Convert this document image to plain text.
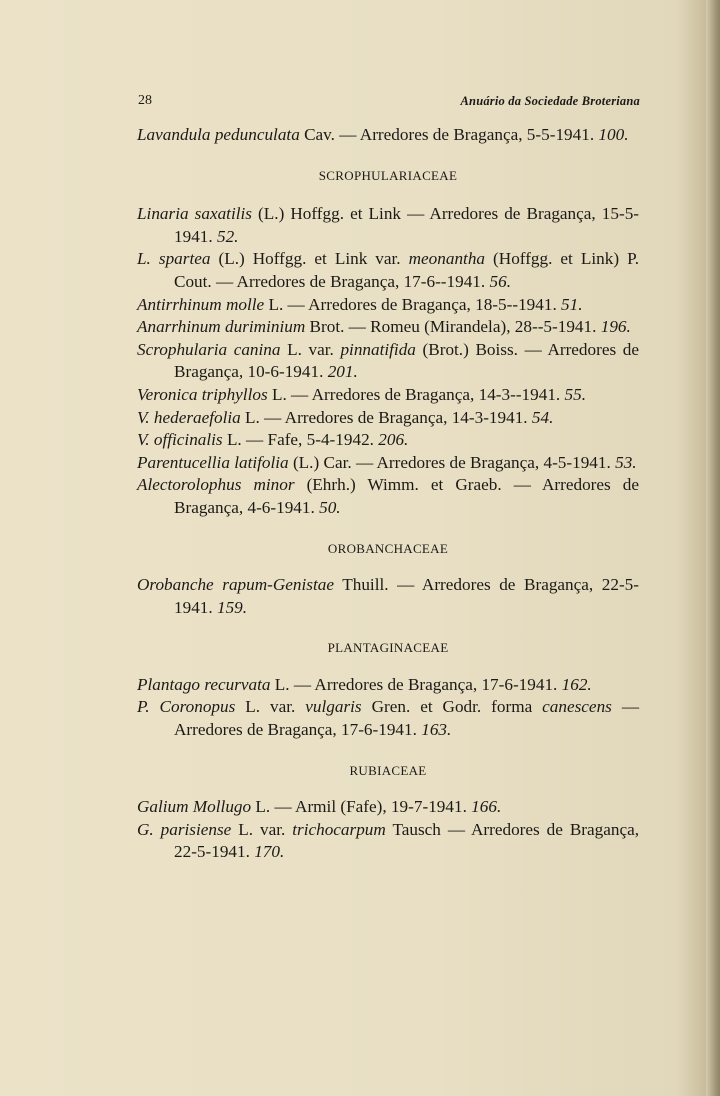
28	Anuário da Sociedade Broteriana

Lavandula pedunculata Cav. — Arredores de Bragança, 5-5-1941. 100.

SCROPHULARIACEAE

Linaria saxatilis (L.) Hoffgg. et Link — Arredores de Bragança, 15-5-1941. 52.

L. spartea (L.) Hoffgg. et Link var. meonantha (Hoffgg. et Link) P. Cout. — Arredores de Bragança, 17-6--1941. 56.

Antirrhinum molle L. — Arredores de Bragança, 18-5--1941. 51.

Anarrhinum duriminium Brot. — Romeu (Mirandela), 28--5-1941. 196.

Scrophularia canina L. var. pinnatifida (Brot.) Boiss. — Arredores de Bragança, 10-6-1941. 201.

Veronica triphyllos L. — Arredores de Bragança, 14-3--1941. 55.

V. hederaefolia L. — Arredores de Bragança, 14-3-1941. 54.

V. officinalis L. — Fafe, 5-4-1942. 206.

Parentucellia latifolia (L.) Car. — Arredores de Bragança, 4-5-1941. 53.

Alectorolophus minor (Ehrh.) Wimm. et Graeb. — Arredores de Bragança, 4-6-1941. 50.

OROBANCHACEAE

Orobanche rapum-Genistae Thuill. — Arredores de Bragança, 22-5-1941. 159.

PLANTAGINACEAE

Plantago recurvata L. — Arredores de Bragança, 17-6-1941. 162.

P. Coronopus L. var. vulgaris Gren. et Godr. forma canescens — Arredores de Bragança, 17-6-1941. 163.

RUBIACEAE

Galium Mollugo L. — Armil (Fafe), 19-7-1941. 166.

G. parisiense L. var. trichocarpum Tausch — Arredores de Bragança, 22-5-1941. 170.
